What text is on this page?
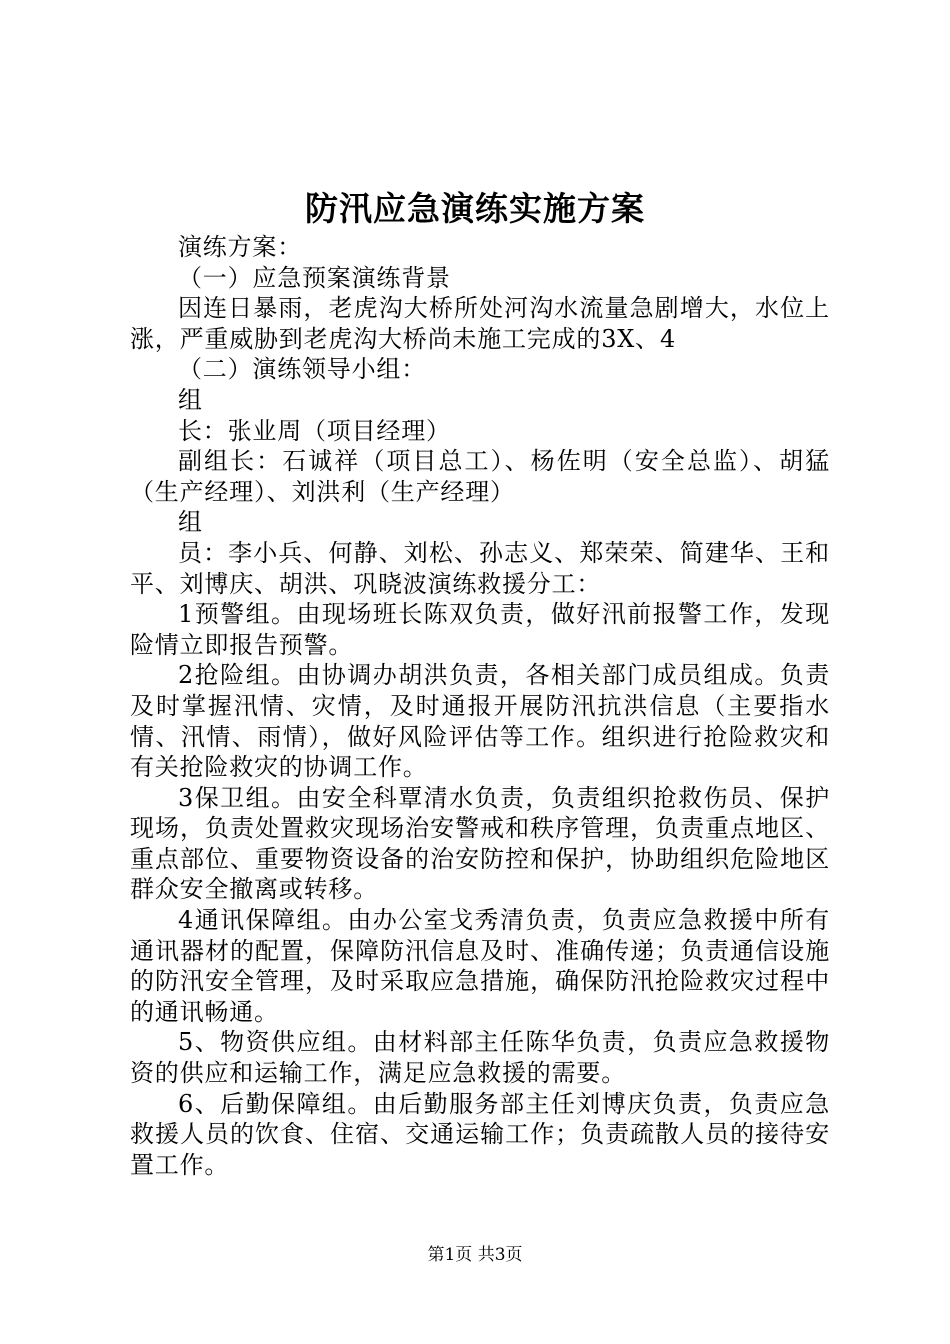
防汛应急演练实施方案

演练方案：

（一）应急预案演练背景

因连日暴雨，老虎沟大桥所处河沟水流量急剧增大，水位上涨，严重威胁到老虎沟大桥尚未施工完成的3X、4

（二）演练领导小组：

组

长：张业周（项目经理）

副组长：石诚祥（项目总工）、杨佐明（安全总监）、胡猛（生产经理）、刘洪利（生产经理）

组

员：李小兵、何静、刘松、孙志义、郑荣荣、简建华、王和平、刘博庆、胡洪、巩晓波演练救援分工：

1预警组。由现场班长陈双负责，做好汛前报警工作，发现险情立即报告预警。

2抢险组。由协调办胡洪负责，各相关部门成员组成。负责及时掌握汛情、灾情，及时通报开展防汛抗洪信息（主要指水情、汛情、雨情），做好风险评估等工作。组织进行抢险救灾和有关抢险救灾的协调工作。

3保卫组。由安全科覃清水负责，负责组织抢救伤员、保护现场，负责处置救灾现场治安警戒和秩序管理，负责重点地区、重点部位、重要物资设备的治安防控和保护，协助组织危险地区群众安全撤离或转移。

4通讯保障组。由办公室戈秀清负责，负责应急救援中所有通讯器材的配置，保障防汛信息及时、准确传递；负责通信设施的防汛安全管理，及时采取应急措施，确保防汛抢险救灾过程中的通讯畅通。

5、物资供应组。由材料部主任陈华负责，负责应急救援物资的供应和运输工作，满足应急救援的需要。

6、后勤保障组。由后勤服务部主任刘博庆负责，负责应急救援人员的饮食、住宿、交通运输工作；负责疏散人员的接待安置工作。

第1页 共3页
